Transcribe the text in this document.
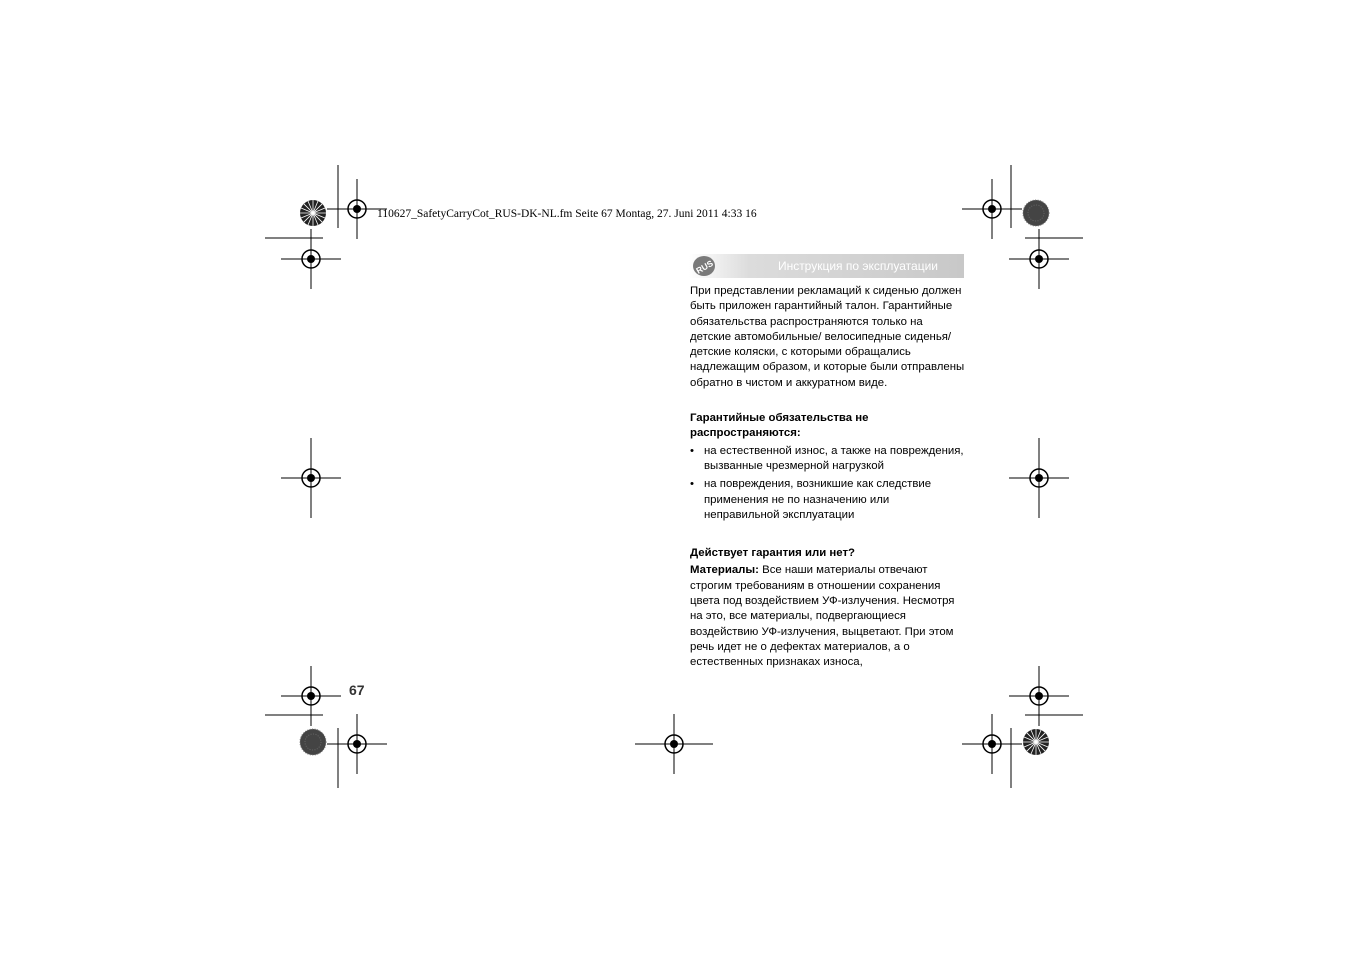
110627_SafetyCarryCot_RUS-DK-NL.fm Seite 67 Montag, 27. Juni 2011 4:33 16
Инструкция по эксплуатации
RUS
67

При представлении рекламаций к сиденью должен быть приложен гарантийный талон. Гарантийные обязательства распространяются только на детские автомобильные/ велосипедные сиденья/детские коляски, с которыми обращались надлежащим образом, и которые были отправлены обратно в чистом и аккуратном виде.

Гарантийные обязательства не распространяются:

• на естественной износ, а также на повреждения, вызванные чрезмерной нагрузкой
• на повреждения, возникшие как следствие применения не по назначению или неправильной эксплуатации

Действует гарантия или нет?

Материалы: Все наши материалы отвечают строгим требованиям в отношении сохранения цвета под воздействием УФ-излучения. Несмотря на это, все материалы, подвергающиеся воздействию УФ-излучения, выцветают. При этом речь идет не о дефектах материалов, а о естественных признаках износа,
